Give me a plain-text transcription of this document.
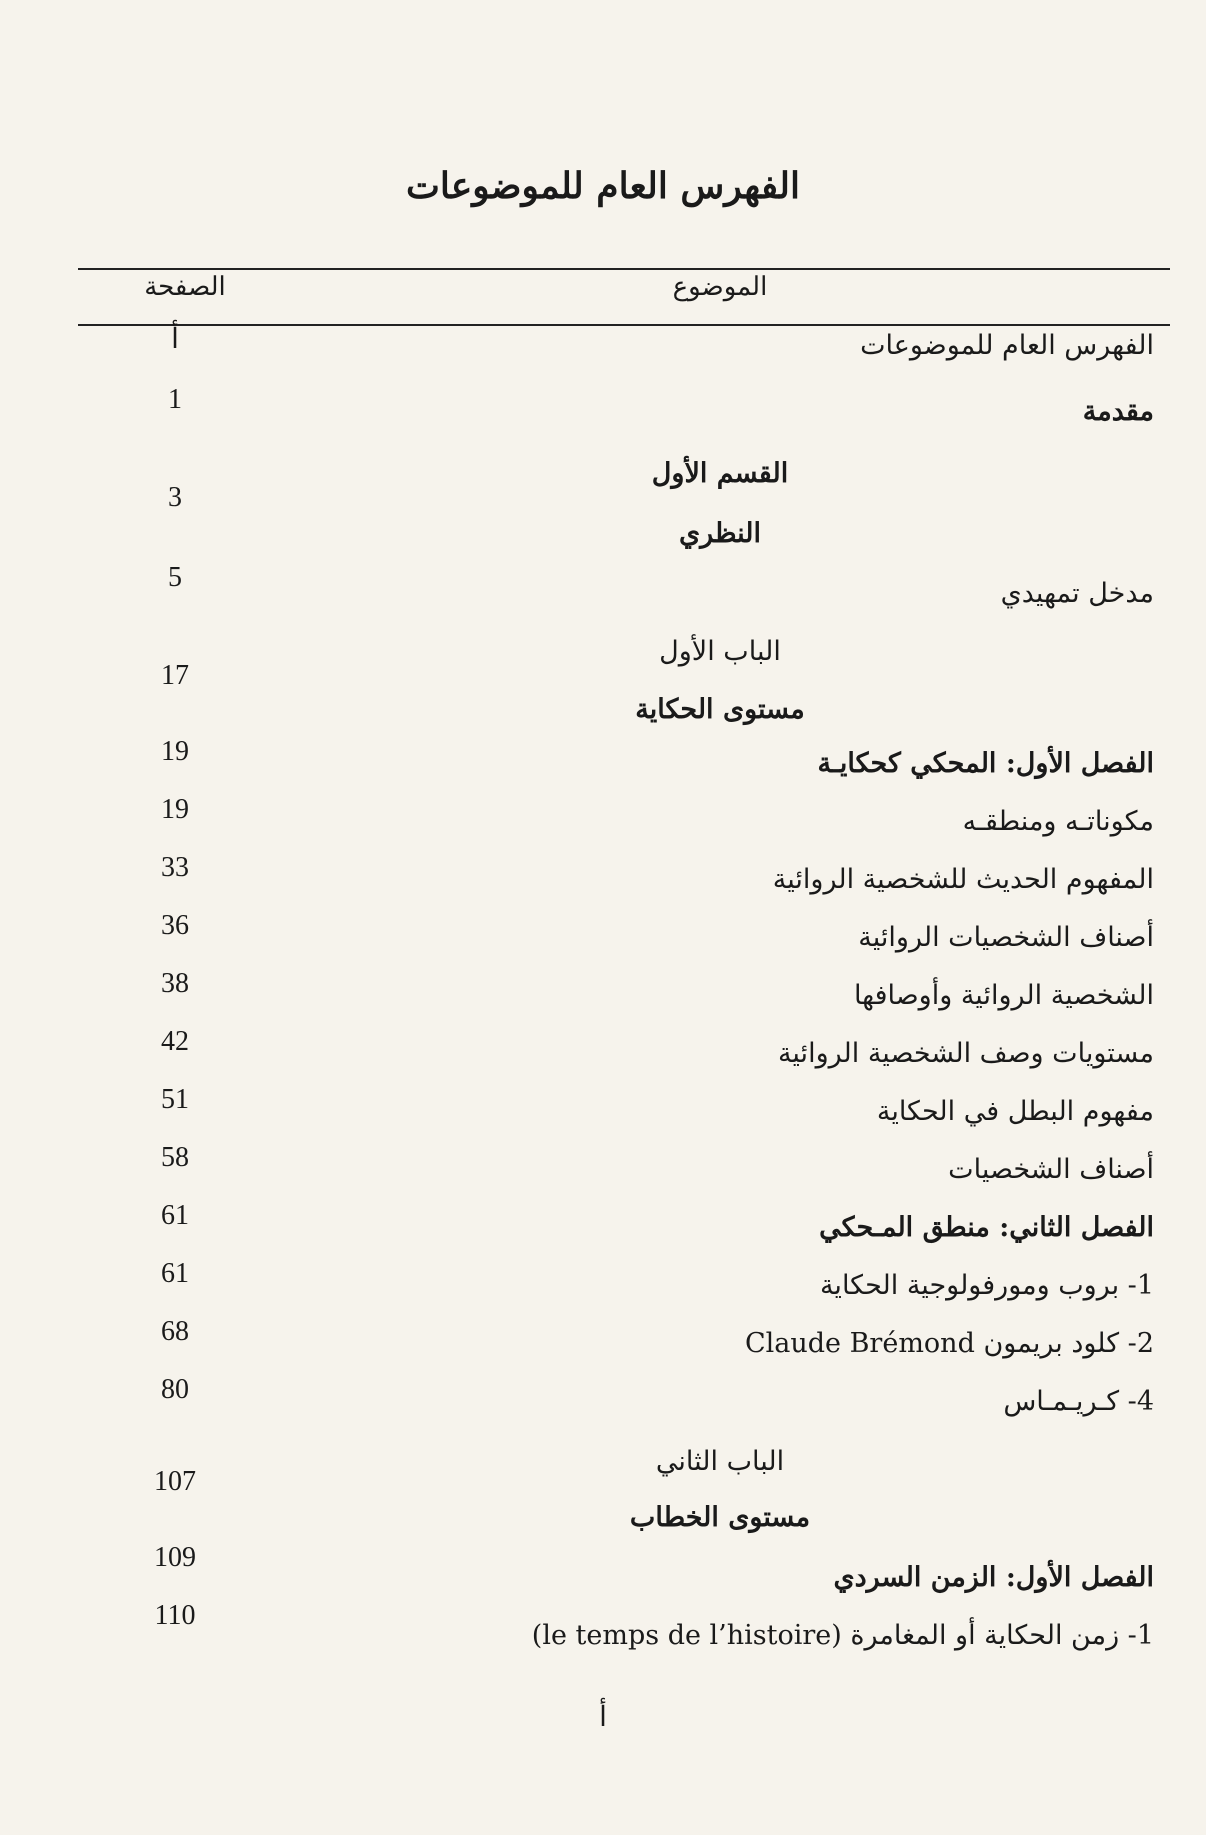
الفهرس العام للموضوعات
الموضوع
الصفحة
الفهرس العام للموضوعات
أ
مقدمة
1
القسم الأول
النظري
3
مدخل تمهيدي
5
الباب الأول
مستوى الحكاية
17
الفصل الأول: المحكي كحكايـة
19
مكوناتـه ومنطقـه
19
المفهوم الحديث للشخصية الروائية
33
أصناف الشخصيات الروائية
36
الشخصية الروائية وأوصافها
38
مستويات وصف الشخصية الروائية
42
مفهوم البطل في الحكاية
51
أصناف الشخصيات
58
الفصل الثاني: منطق المـحكي
61
1- بروب ومورفولوجية الحكاية
61
2- كلود بريمون Claude Brémond
68
4- كـريـمـاس
80
الباب الثاني
مستوى الخطاب
107
الفصل الأول: الزمن السردي
109
1- زمن الحكاية أو المغامرة (le temps de l’histoire)
110
أ
